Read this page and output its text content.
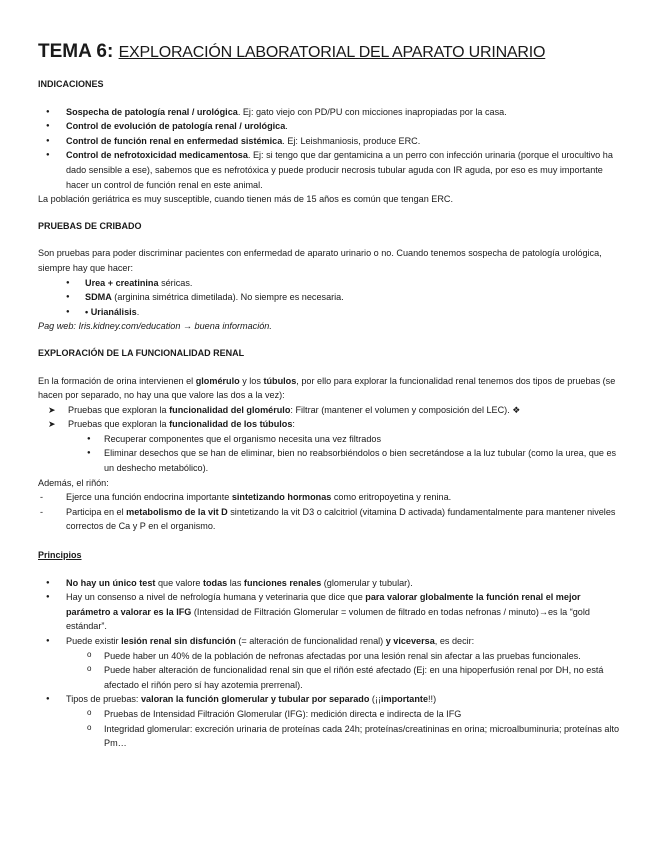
TEMA 6: EXPLORACIÓN LABORATORIAL DEL APARATO URINARIO
INDICACIONES
● Sospecha de patología renal / urológica. Ej: gato viejo con PD/PU con micciones inapropiadas por la casa.
● Control de evolución de patología renal / urológica.
● Control de función renal en enfermedad sistémica. Ej: Leishmaniosis, produce ERC.
● Control de nefrotoxicidad medicamentosa. Ej: si tengo que dar gentamicina a un perro con infección urinaria (porque el urocultivo ha dado sensible a ese), sabemos que es nefrotóxica y puede producir necrosis tubular aguda con IR aguda, por eso es muy importante hacer un control de función renal en este animal.

La población geriátrica es muy susceptible, cuando tienen más de 15 años es común que tengan ERC.

PRUEBAS DE CRIBADO

Son pruebas para poder discriminar pacientes con enfermedad de aparato urinario o no. Cuando tenemos sospecha de patología urológica, siempre hay que hacer:

● Urea + creatinina séricas.
● SDMA (arginina simétrica dimetilada). No siempre es necesaria.
● • Urianálisis.

Pag web: Iris.kidney.com/education → buena información.

EXPLORACIÓN DE LA FUNCIONALIDAD RENAL

En la formación de orina intervienen el glomérulo y los túbulos, por ello para explorar la funcionalidad renal tenemos dos tipos de pruebas (se hacen por separado, no hay una que valore las dos a la vez):

➤ Pruebas que exploran la funcionalidad del glomérulo: Filtrar (mantener el volumen y composición del LEC). ❖
➤ Pruebas que exploran la funcionalidad de los túbulos:
● Recuperar componentes que el organismo necesita una vez filtrados
● Eliminar desechos que se han de eliminar, bien no reabsorbiéndolos o bien secretándose a la luz tubular (como la urea, que es un deshecho metabólico).

Además, el riñón:

- Ejerce una función endocrina importante sintetizando hormonas como eritropoyetina y renina.
- Participa en el metabolismo de la vit D sintetizando la vit D3 o calcitriol (vitamina D activada) fundamentalmente para mantener niveles correctos de Ca y P en el organismo.
Principios
● No hay un único test que valore todas las funciones renales (glomerular y tubular).
● Hay un consenso a nivel de nefrología humana y veterinaria que dice que para valorar globalmente la función renal el mejor parámetro a valorar es la IFG (Intensidad de Filtración Glomerular = volumen de filtrado en todas nefronas / minuto)→es la “gold estándar”.
● Puede existir lesión renal sin disfunción (= alteración de funcionalidad renal) y viceversa, es decir:
o Puede haber un 40% de la población de nefronas afectadas por una lesión renal sin afectar a las pruebas funcionales.
o Puede haber alteración de funcionalidad renal sin que el riñón esté afectado (Ej: en una hipoperfusión renal por DH, no está afectado el riñón pero sí hay azotemia prerrenal).
● Tipos de pruebas: valoran la función glomerular y tubular por separado (¡¡importante!!)
o Pruebas de Intensidad Filtración Glomerular (IFG): medición directa e indirecta de la IFG
o Integridad glomerular: excreción urinaria de proteínas cada 24h; proteínas/creatininas en orina; microalbuminuria; proteínas alto Pm…
